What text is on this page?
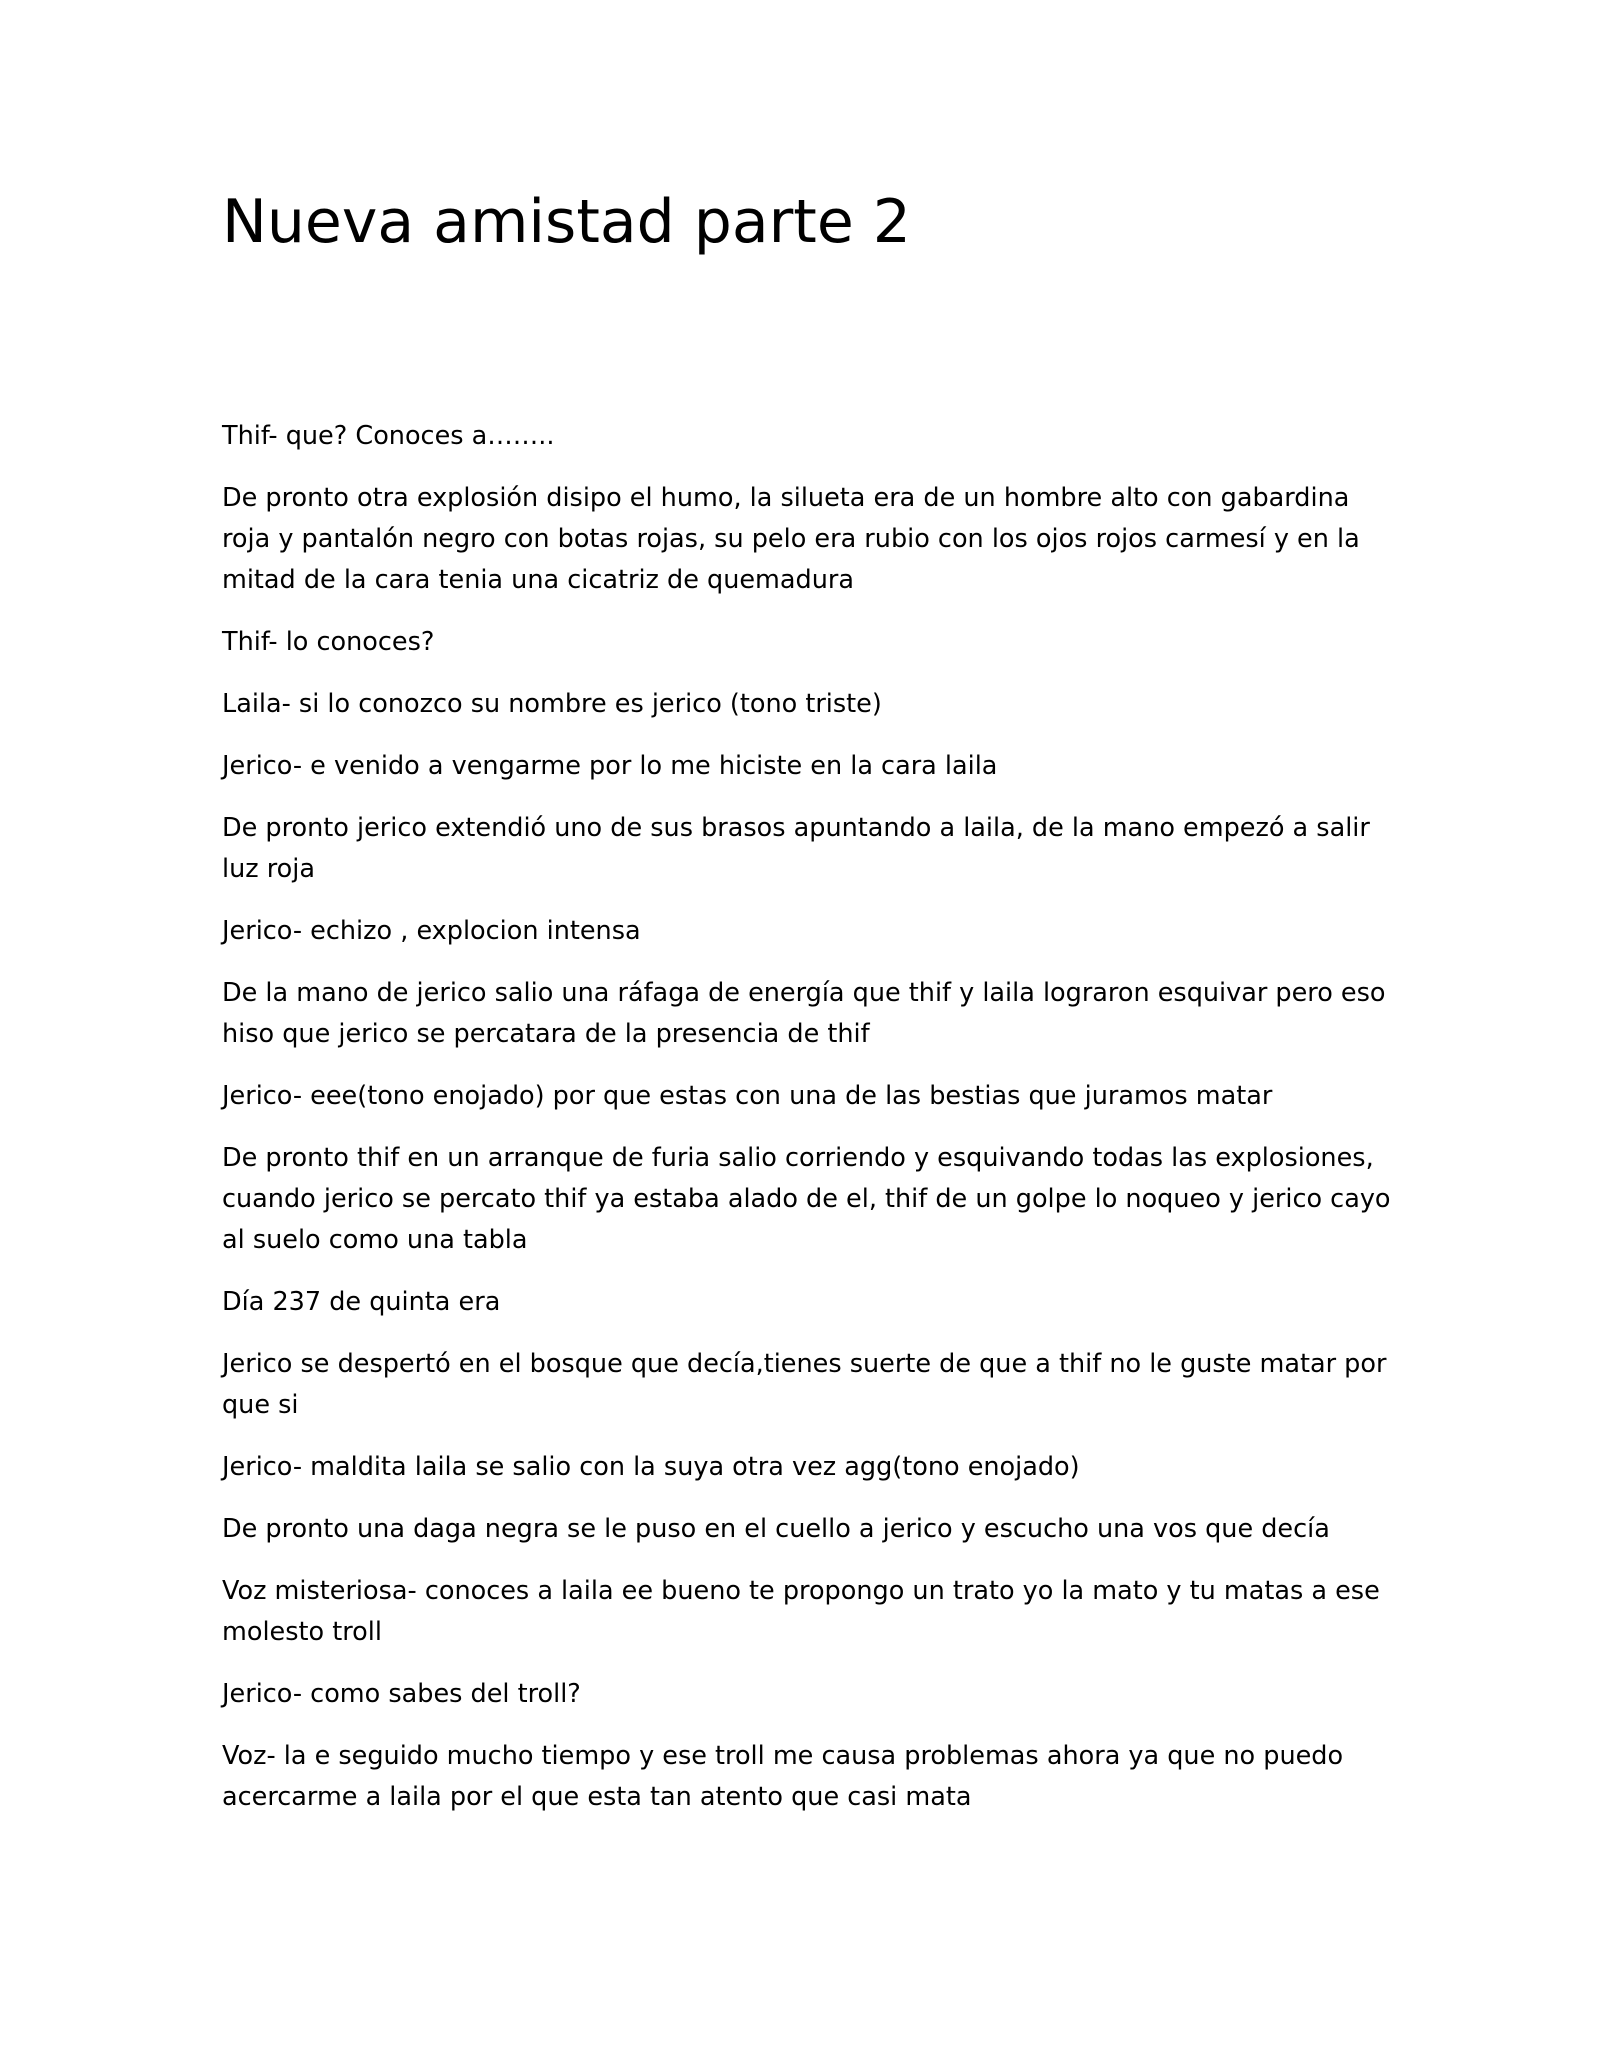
Nueva amistad parte 2

Thif- que? Conoces a……..

De pronto otra explosión disipo el humo, la silueta era de un hombre alto con gabardina roja y pantalón negro con botas rojas, su pelo era rubio con los ojos rojos carmesí y en la mitad de la cara tenia una cicatriz de quemadura

Thif- lo conoces?

Laila- si lo conozco su nombre es jerico (tono triste)

Jerico- e venido a vengarme por lo me hiciste en la cara laila

De pronto jerico extendió uno de sus brasos apuntando a laila, de la mano empezó a salir luz roja

Jerico- echizo , explocion intensa

De la mano de jerico salio una ráfaga de energía que thif y laila lograron esquivar pero eso hiso que jerico se percatara de la presencia de thif

Jerico- eee(tono enojado) por que estas con una de las bestias que juramos matar

De pronto thif en un arranque de furia salio corriendo y esquivando todas las explosiones, cuando jerico se percato thif ya estaba alado de el, thif de un golpe lo noqueo y jerico cayo al suelo como una tabla

Día 237 de quinta era

Jerico se despertó en el bosque que decía,tienes suerte de que a thif no le guste matar por que si

Jerico- maldita laila se salio con la suya otra vez agg(tono enojado)

De pronto una daga negra se le puso en el cuello a jerico y escucho una vos que decía

Voz misteriosa- conoces a laila ee bueno te propongo un trato yo la mato y tu matas a ese molesto troll

Jerico- como sabes del troll?

Voz- la e seguido mucho tiempo y ese troll me causa problemas ahora ya que no puedo acercarme a laila por el que esta tan atento que casi mata
